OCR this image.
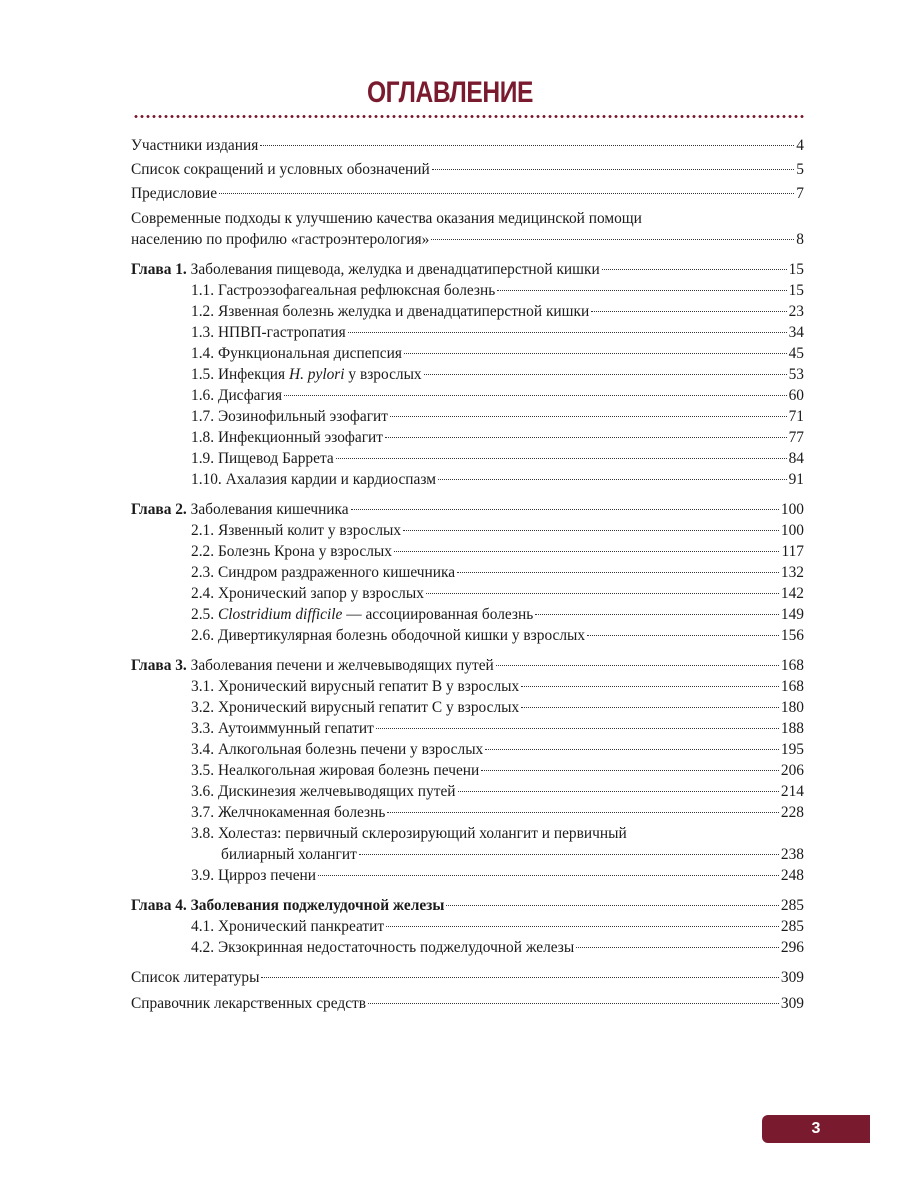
ОГЛАВЛЕНИЕ
Участники издания	4
Список сокращений и условных обозначений	5
Предисловие	7
Современные подходы к улучшению качества оказания медицинской помощи
населению по профилю «гастроэнтерология»	8
Глава 1. Заболевания пищевода, желудка и двенадцатиперстной кишки	15
1.1. Гастроэзофагеальная рефлюксная болезнь	15
1.2. Язвенная болезнь желудка и двенадцатиперстной кишки	23
1.3. НПВП-гастропатия	34
1.4. Функциональная диспепсия	45
1.5. Инфекция H. pylori у взрослых	53
1.6. Дисфагия	60
1.7. Эозинофильный эзофагит	71
1.8. Инфекционный эзофагит	77
1.9. Пищевод Баррета	84
1.10. Ахалазия кардии и кардиоспазм	91
Глава 2. Заболевания кишечника	100
2.1. Язвенный колит у взрослых	100
2.2. Болезнь Крона у взрослых	117
2.3. Синдром раздраженного кишечника	132
2.4. Хронический запор у взрослых	142
2.5. Clostridium difficile — ассоциированная болезнь	149
2.6. Дивертикулярная болезнь ободочной кишки у взрослых	156
Глава 3. Заболевания печени и желчевыводящих путей	168
3.1. Хронический вирусный гепатит В у взрослых	168
3.2. Хронический вирусный гепатит С у взрослых	180
3.3. Аутоиммунный гепатит	188
3.4. Алкогольная болезнь печени у взрослых	195
3.5. Неалкогольная жировая болезнь печени	206
3.6. Дискинезия желчевыводящих путей	214
3.7. Желчнокаменная болезнь	228
3.8. Холестаз: первичный склерозирующий холангит и первичный
билиарный холангит	238
3.9. Цирроз печени	248
Глава 4. Заболевания поджелудочной железы	285
4.1. Хронический панкреатит	285
4.2. Экзокринная недостаточность поджелудочной железы	296
Список литературы	309
Справочник лекарственных средств	309
3
